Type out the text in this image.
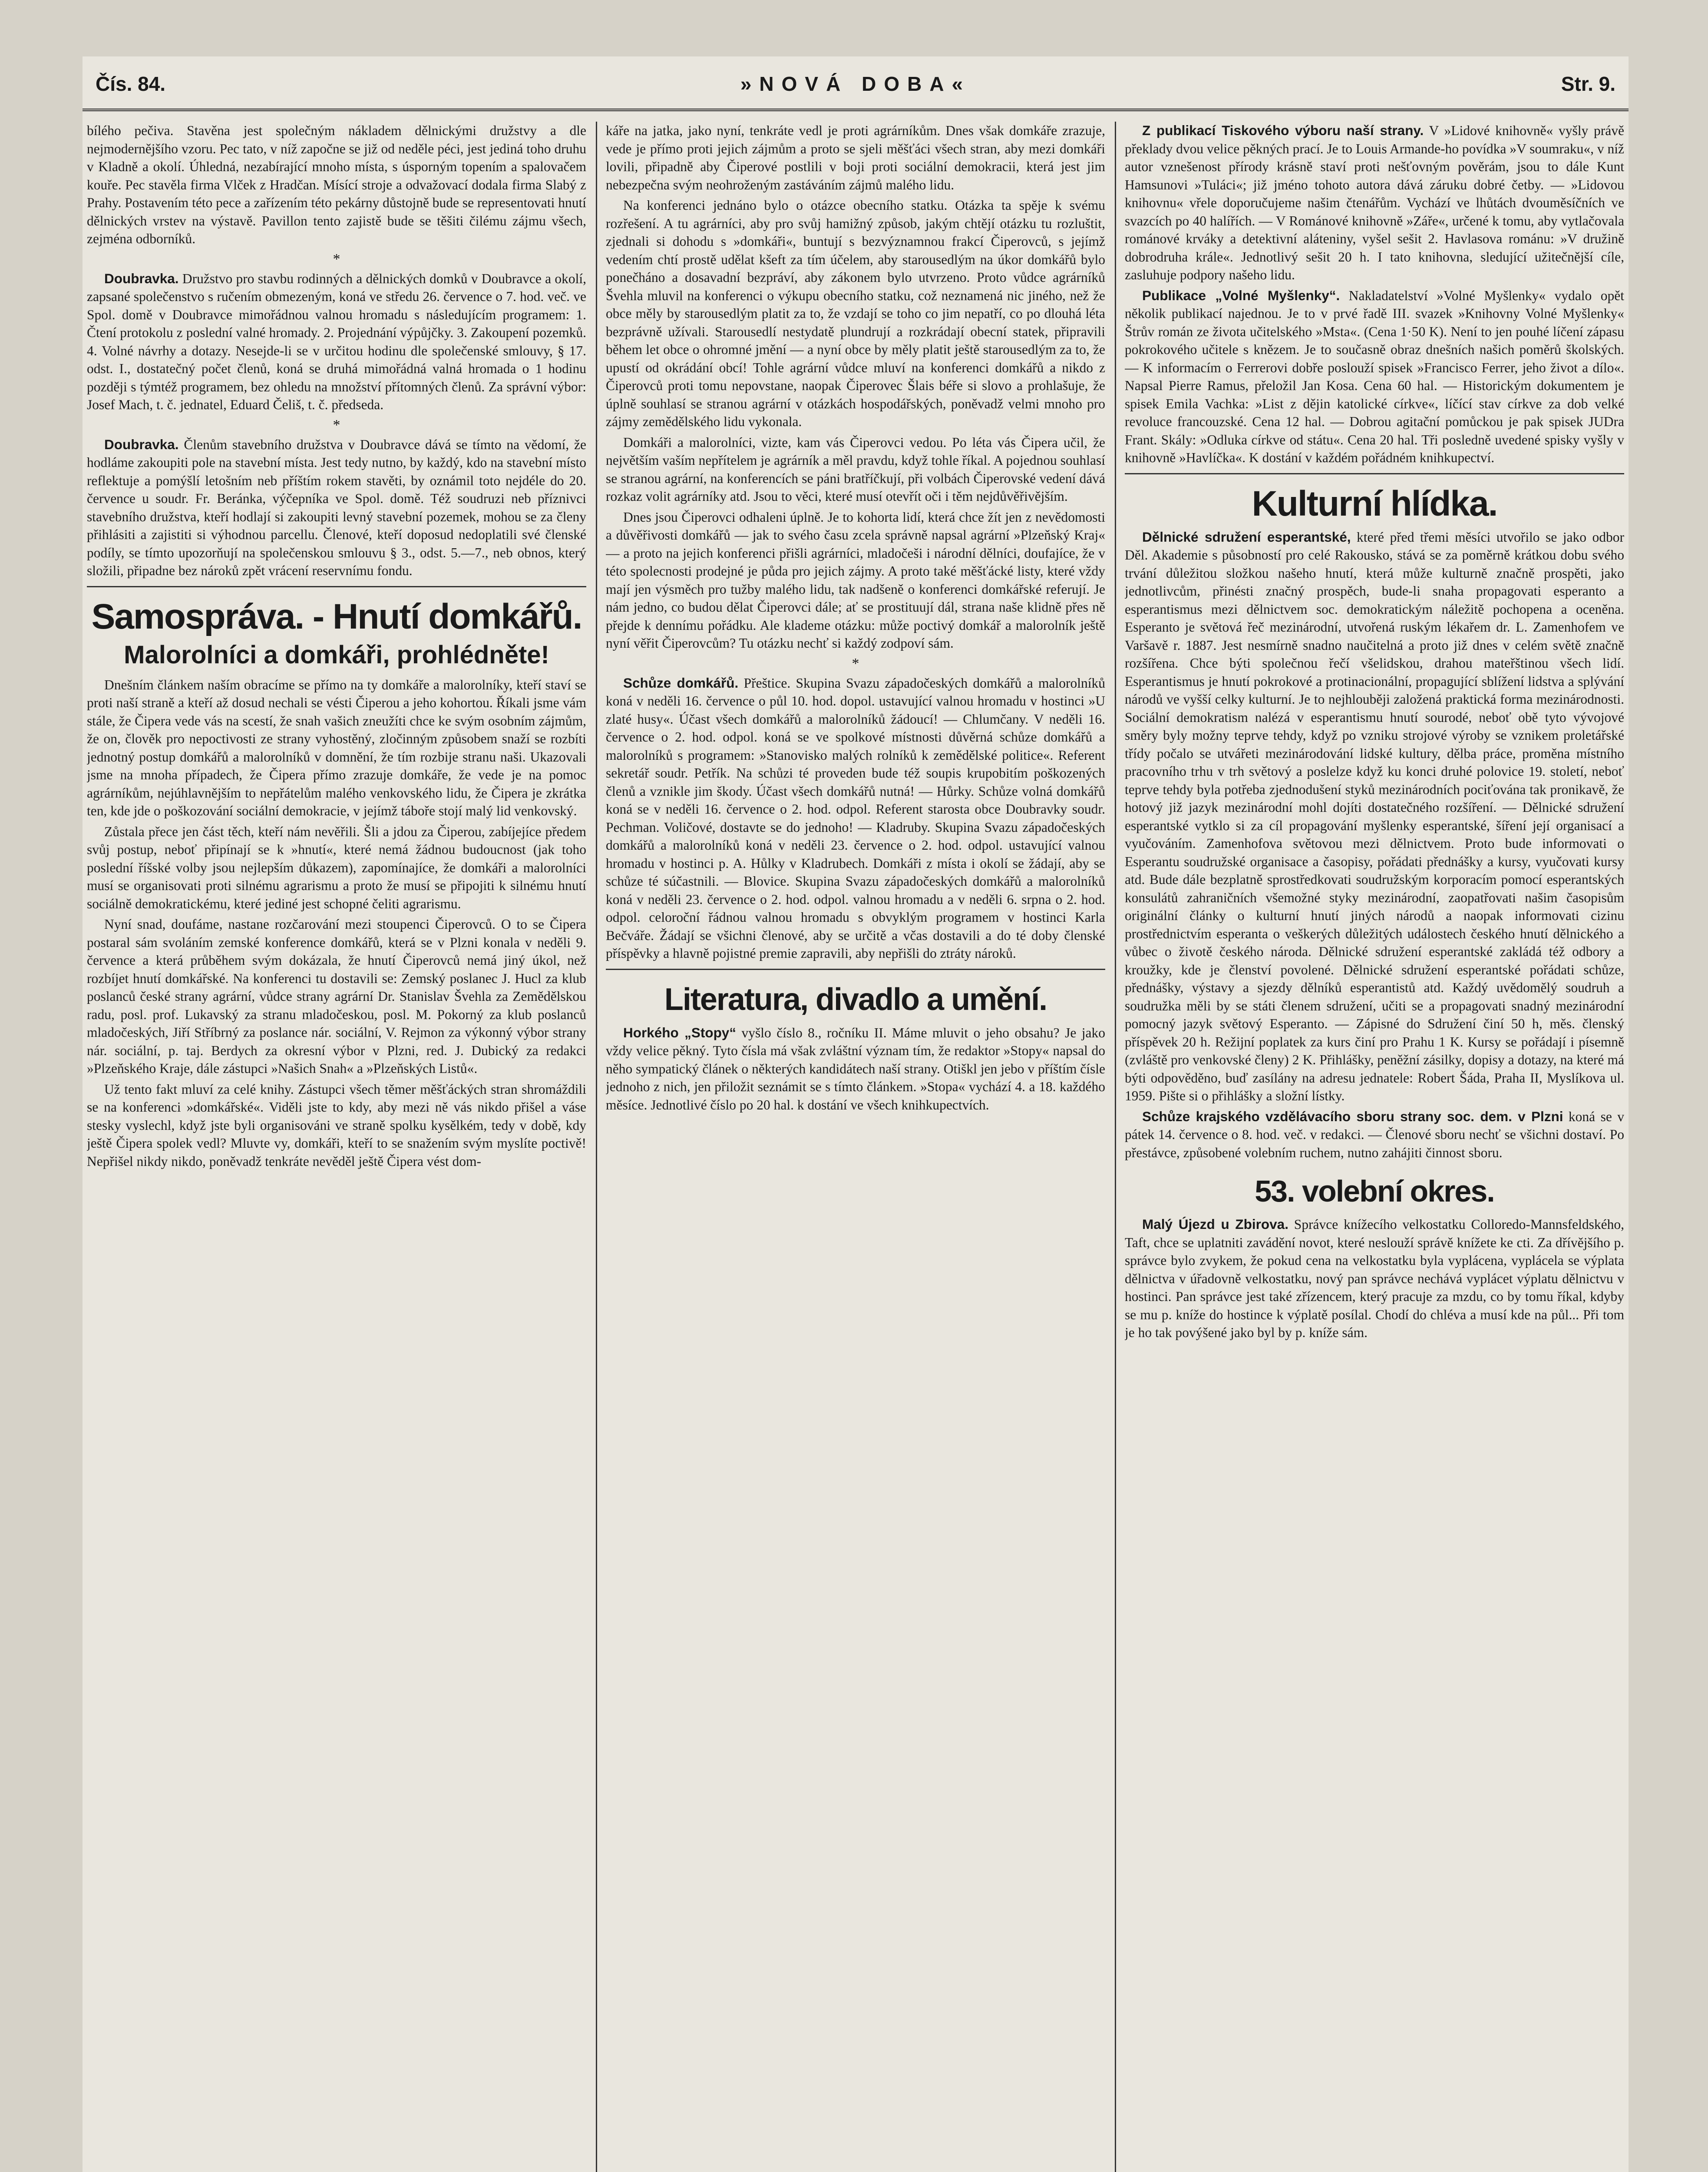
Čís. 84.	»NOVÁ DOBA«	Str. 9.

bílého pečiva. Stavěna jest společným nákladem dělnickými družstvy a dle nejmodernějšího vzoru. Pec tato, v níž započne se již od neděle péci, jest jediná toho druhu v Kladně a okolí. Úhledná, nezabírající mnoho místa, s úsporným topením a spalovačem kouře. Pec stavěla firma Vlček z Hradčan. Mísící stroje a odvažovací dodala firma Slabý z Prahy. Postavením této pece a zařízením této pekárny důstojně bude se representovati hnutí dělnických vrstev na výstavě. Pavillon tento zajistě bude se těšiti čilému zájmu všech, zejména odborníků.

*

Doubravka. Družstvo pro stavbu rodinných a dělnických domků v Doubravce a okolí, zapsané společenstvo s ručením obmezeným, koná ve středu 26. července o 7. hod. več. ve Spol. domě v Doubravce mimořádnou valnou hromadu s následujícím programem: 1. Čtení protokolu z poslední valné hromady. 2. Projednání výpůjčky. 3. Zakoupení pozemků. 4. Volné návrhy a dotazy. Nesejde-li se v určitou hodinu dle společenské smlouvy, § 17. odst. I., dostatečný počet členů, koná se druhá mimořádná valná hromada o 1 hodinu později s týmtéž programem, bez ohledu na množství přítomných členů. Za správní výbor: Josef Mach, t. č. jednatel, Eduard Čeliš, t. č. předseda.

*

Doubravka. Členům stavebního družstva v Doubravce dává se tímto na vědomí, že hodláme zakoupiti pole na stavební místa. Jest tedy nutno, by každý, kdo na stavební místo reflektuje a pomýšlí letošním neb příštím rokem stavěti, by oznámil toto nejdéle do 20. července u soudr. Fr. Beránka, výčepníka ve Spol. domě. Též soudruzi neb příznivci stavebního družstva, kteří hodlají si zakoupiti levný stavební pozemek, mohou se za členy přihlásiti a zajistiti si výhodnou parcellu. Členové, kteří doposud nedoplatili své členské podíly, se tímto upozorňují na společenskou smlouvu § 3., odst. 5.—7., neb obnos, který složili, připadne bez nároků zpět vrácení reservnímu fondu.

Samospráva. - Hnutí domkářů.
Malorolníci a domkáři, prohlédněte!

Dnešním článkem naším obracíme se přímo na ty domkáře a malorolníky, kteří staví se proti naší straně a kteří až dosud nechali se vésti Čiperou a jeho kohortou. Říkali jsme vám stále, že Čipera vede vás na scestí, že snah vašich zneužíti chce ke svým osobním zájmům, že on, člověk pro nepoctivosti ze strany vyhostěný, zločinným způsobem snaží se rozbíti jednotný postup domkářů a malorolníků v domnění, že tím rozbije stranu naši. Ukazovali jsme na mnoha případech, že Čipera přímo zrazuje domkáře, že vede je na pomoc agrárníkům, nejúhlavnějším to nepřátelům malého venkovského lidu, že Čipera je zkrátka ten, kde jde o poškozování sociální demokracie, v jejímž táboře stojí malý lid venkovský.

Zůstala přece jen část těch, kteří nám nevěřili. Šli a jdou za Čiperou, zabíjejíce předem svůj postup, neboť připínají se k »hnutí«, které nemá žádnou budoucnost (jak toho poslední říšské volby jsou nejlepším důkazem), zapomínajíce, že domkáři a malorolníci musí se organisovati proti silnému agrarismu a proto že musí se připojiti k silnému hnutí sociálně demokratickému, které jediné jest schopné čeliti agrarismu.

Nyní snad, doufáme, nastane rozčarování mezi stoupenci Čiperovců. O to se Čipera postaral sám svoláním zemské konference domkářů, která se v Plzni konala v neděli 9. července a která průběhem svým dokázala, že hnutí Čiperovců nemá jiný úkol, než rozbíjet hnutí domkářské. Na konferenci tu dostavili se: Zemský poslanec J. Hucl za klub poslanců české strany agrární, vůdce strany agrární Dr. Stanislav Švehla za Zemědělskou radu, posl. prof. Lukavský za stranu mladočeskou, posl. M. Pokorný za klub poslanců mladočeských, Jiří Stříbrný za poslance nár. sociální, V. Rejmon za výkonný výbor strany nár. sociální, p. taj. Berdych za okresní výbor v Plzni, red. J. Dubický za redakci »Plzeňského Kraje, dále zástupci »Našich Snah« a »Plzeňských Listů«.

Už tento fakt mluví za celé knihy. Zástupci všech těmer měšťáckých stran shromáždili se na konferenci »domkářské«. Viděli jste to kdy, aby mezi ně vás nikdo přišel a váse stesky vyslechl, když jste byli organisováni ve straně spolku kysělkém, tedy v době, kdy ještě Čipera spolek vedl? Mluvte vy, domkáři, kteří to se snažením svým myslíte poctivě! Nepřišel nikdy nikdo, poněvadž tenkráte nevěděl ještě Čipera vést dom-

káře na jatka, jako nyní, tenkráte vedl je proti agrárníkům. Dnes však domkáře zrazuje, vede je přímo proti jejich zájmům a proto se sjeli měšťáci všech stran, aby mezi domkáři lovili, připadně aby Čiperové postlili v boji proti sociální demokracii, která jest jim nebezpečna svým neohroženým zastáváním zájmů malého lidu.

Na konferenci jednáno bylo o otázce obecního statku. Otázka ta spěje k svému rozřešení. A tu agrárníci, aby pro svůj hamižný způsob, jakým chtějí otázku tu rozluštit, zjednali si dohodu s »domkáři«, buntují s bezvýznamnou frakcí Čiperovců, s jejímž vedením chtí prostě udělat kšeft za tím účelem, aby starousedlým na úkor domkářů bylo ponečháno a dosavadní bezpráví, aby zákonem bylo utvrzeno. Proto vůdce agrárníků Švehla mluvil na konferenci o výkupu obecního statku, což neznamená nic jiného, než že obce měly by starousedlým platit za to, že vzdají se toho co jim nepatří, co po dlouhá léta bezprávně užívali. Starousedlí nestydatě plundrují a rozkrádají obecní statek, připravili během let obce o ohromné jmění — a nyní obce by měly platit ještě starousedlým za to, že upustí od okrádání obcí! Tohle agrární vůdce mluví na konferenci domkářů a nikdo z Čiperovců proti tomu nepovstane, naopak Čiperovec Šlais béře si slovo a prohlašuje, že úplně souhlasí se stranou agrární v otázkách hospodářských, poněvadž velmi mnoho pro zájmy zemědělského lidu vykonala.

Domkáři a malorolníci, vizte, kam vás Čiperovci vedou. Po léta vás Čipera učil, že největším vaším nepřítelem je agrárník a měl pravdu, když tohle říkal. A pojednou souhlasí se stranou agrární, na konferencích se páni bratříčkují, při volbách Čiperovské vedení dává rozkaz volit agrárníky atd. Jsou to věci, které musí otevřít oči i těm nejdůvěřivějším.

Dnes jsou Čiperovci odhaleni úplně. Je to kohorta lidí, která chce žít jen z nevědomosti a důvěřivosti domkářů — jak to svého času zcela správně napsal agrární »Plzeňský Kraj« — a proto na jejich konferenci přišli agrárníci, mladočeši i národní dělníci, doufajíce, že v této spolecnosti prodejné je půda pro jejich zájmy. A proto také měšťácké listy, které vždy mají jen výsměch pro tužby malého lidu, tak nadšeně o konferenci domkářské referují. Je nám jedno, co budou dělat Čiperovci dále; ať se prostituují dál, strana naše klidně přes ně přejde k dennímu pořádku. Ale klademe otázku: může poctivý domkář a malorolník ještě nyní věřit Čiperovcům? Tu otázku nechť si každý zodpoví sám.

*

Schůze domkářů. Přeštice. Skupina Svazu západočeských domkářů a malorolníků koná v neděli 16. července o půl 10. hod. dopol. ustavující valnou hromadu v hostinci »U zlaté husy«. Účast všech domkářů a malorolníků žádoucí! — Chlumčany. V neděli 16. července o 2. hod. odpol. koná se ve spolkové místnosti důvěrná schůze domkářů a malorolníků s programem: »Stanovisko malých rolníků k zemědělské politice«. Referent sekretář soudr. Petřík. Na schůzi té proveden bude též soupis krupobitím poškozených členů a vznikle jim škody. Účast všech domkářů nutná! — Hůrky. Schůze volná domkářů koná se v neděli 16. července o 2. hod. odpol. Referent starosta obce Doubravky soudr. Pechman. Voličové, dostavte se do jednoho! — Kladruby. Skupina Svazu západočeských domkářů a malorolníků koná v neděli 23. července o 2. hod. odpol. ustavující valnou hromadu v hostinci p. A. Hůlky v Kladrubech. Domkáři z místa i okolí se žádají, aby se schůze té súčastnili. — Blovice. Skupina Svazu západočeských domkářů a malorolníků koná v neděli 23. července o 2. hod. odpol. valnou hromadu a v neděli 6. srpna o 2. hod. odpol. celoroční řádnou valnou hromadu s obvyklým programem v hostinci Karla Bečváře. Žádají se všichni členové, aby se určitě a včas dostavili a do té doby členské příspěvky a hlavně pojistné premie zapravili, aby nepřišli do ztráty nároků.

Literatura, divadlo a umění.

Horkého „Stopy“ vyšlo číslo 8., ročníku II. Máme mluvit o jeho obsahu? Je jako vždy velice pěkný. Tyto čísla má však zvláštní význam tím, že redaktor »Stopy« napsal do něho sympatický článek o některých kandidátech naší strany. Otiškl jen jebo v příštím čísle jednoho z nich, jen přiložit seznámit se s tímto článkem. »Stopa« vychází 4. a 18. každého měsíce. Jednotlivé číslo po 20 hal. k dostání ve všech knihkupectvích.

Z publikací Tiskového výboru naší strany. V »Lidové knihovně« vyšly právě překlady dvou velice pěkných prací. Je to Louis Armande-ho povídka »V soumraku«, v níž autor vznešenost přírody krásně staví proti nešťovným pověrám, jsou to dále Kunt Hamsunovi »Tuláci«; již jméno tohoto autora dává záruku dobré četby. — »Lidovou knihovnu« vřele doporučujeme našim čtenářům. Vychází ve lhůtách dvouměsíčních ve svazcích po 40 halířích. — V Románové knihovně »Záře«, určené k tomu, aby vytlačovala románové krváky a detektivní aláteniny, vyšel sešit 2. Havlasova románu: »V družině dobrodruha krále«. Jednotlivý sešit 20 h. I tato knihovna, sledující užitečnější cíle, zasluhuje podpory našeho lidu.

Publikace „Volné Myšlenky“. Nakladatelství »Volné Myšlenky« vydalo opět několik publikací najednou. Je to v prvé řadě III. svazek »Knihovny Volné Myšlenky« Štrův román ze života učitelského »Mstа«. (Cena 1·50 K). Není to jen pouhé líčení zápasu pokrokového učitele s knězem. Je to současně obraz dnešních našich poměrů školských. — K informacím o Ferrerovi dobře poslouží spisek »Francisco Ferrer, jeho život a dílo«. Napsal Pierre Ramus, přeložil Jan Kosa. Cena 60 hal. — Historickým dokumentem je spisek Emila Vachka: »List z dějin katolické církve«, líčící stav církve za dob velké revoluce francouzské. Cena 12 hal. — Dobrou agitační pomůckou je pak spisek JUDra Frant. Skály: »Odluka církve od státu«. Cena 20 hal. Tři posledně uvedené spisky vyšly v knihovně »Havlíčka«. K dostání v každém pořádném knihkupectví.

Kulturní hlídka.

Dělnické sdružení esperantské, které před třemi měsíci utvořilo se jako odbor Děl. Akademie s působností pro celé Rakousko, stává se za poměrně krátkou dobu svého trvání důležitou složkou našeho hnutí, která může kulturně značně prospěti, jako jednotlivcům, přinésti značný prospěch, bude-li snaha propagovati esperanto a esperantismus mezi dělnictvem soc. demokratickým náležitě pochopena a oceněna. Esperanto je světová řeč mezinárodní, utvořená ruským lékařem dr. L. Zamenhofem ve Varšavě r. 1887. Jest nesmírně snadno naučitelná a proto již dnes v celém světě značně rozšířena. Chce býti společnou řečí všelidskou, drahou mateřštinou všech lidí. Esperantismus je hnutí pokrokové a protinacionální, propagující sblížení lidstva a splývání národů ve vyšší celky kulturní. Je to nejhlouběji založená praktická forma mezinárodnosti. Sociální demokratism nalézá v esperantismu hnutí sourodé, neboť obě tyto vývojové směry byly možny teprve tehdy, když po vzniku strojové výroby se vznikem proletářské třídy počalo se utvářeti mezinárodování lidské kultury, dělba práce, proměna místního pracovního trhu v trh světový a poslelze když ku konci druhé polovice 19. století, neboť teprve tehdy byla potřeba zjednodušení styků mezinárodních pociťována tak pronikavě, že hotový již jazyk mezinárodní mohl dojíti dostatečného rozšíření. — Dělnické sdružení esperantské vytklo si za cíl propagování myšlenky esperantské, šíření její organisací a vyučováním. Zamenhofova světovou mezi dělnictvem. Proto bude informovati o Esperantu soudružské organisace a časopisy, pořádati přednášky a kursy, vyučovati kursy atd. Bude dále bezplatně sprostředkovati soudružským korporacím pomocí esperantských konsulátů zahraničních všemožné styky mezinárodní, zaopatřovati našim časopisům originální články o kulturní hnutí jiných národů a naopak informovati cizinu prostřednictvím esperanta o veškerých důležitých událostech českého hnutí dělnického a vůbec o životě českého národa. Dělnické sdružení esperantské zakládá též odbory a kroužky, kde je členství povolené. Dělnické sdružení esperantské pořádati schůze, přednášky, výstavy a sjezdy dělníků esperantistů atd. Každý uvědomělý soudruh a soudružka měli by se státi členem sdružení, učiti se a propagovati snadný mezinárodní pomocný jazyk světový Esperanto. — Zápisné do Sdružení činí 50 h, měs. členský příspěvek 20 h. Režijní poplatek za kurs činí pro Prahu 1 K. Kursy se pořádají i písemně (zvláště pro venkovské členy) 2 K. Přihlášky, peněžní zásilky, dopisy a dotazy, na které má býti odpověděno, buď zasílány na adresu jednatele: Robert Šáda, Praha II, Myslíkova ul. 1959. Pište si o přihlášky a složní lístky.

Schůze krajského vzdělávacího sboru strany soc. dem. v Plzni koná se v pátek 14. července o 8. hod. več. v redakci. — Členové sboru nechť se všichni dostaví. Po přestávce, způsobené volebním ruchem, nutno zahájiti činnost sboru.

53. volební okres.

Malý Újezd u Zbirova. Správce knížecího velkostatku Colloredo-Mannsfeldského, Taft, chce se uplatniti zavádění novot, které neslouží správě knížete ke cti. Za dřívějšího p. správce bylo zvykem, že pokud cena na velkostatku byla vyplácena, vyplácela se výplata dělnictva v úřadovně velkostatku, nový pan správce nechává vyplácet výplatu dělnictvu v hostinci. Pan správce jest také zřízencem, který pracuje za mzdu, co by tomu říkal, kdyby se mu p. kníže do hostince k výplatě posílal. Chodí do chléva a musí kde na půl... Při tom je ho tak povýšené jako byl by p. kníže sám.
